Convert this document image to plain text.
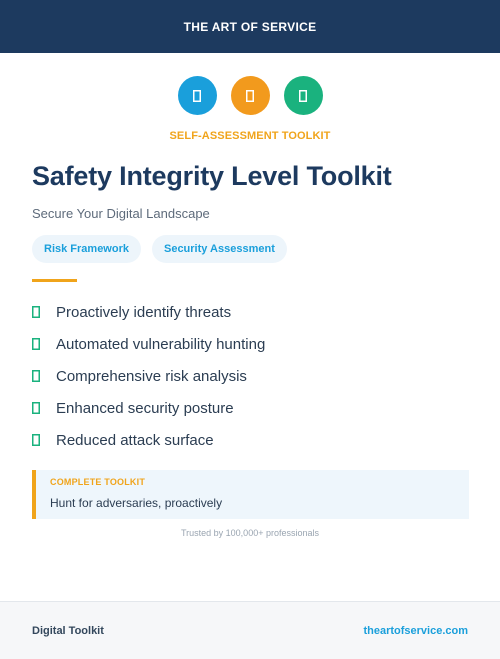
THE ART OF SERVICE
SELF-ASSESSMENT TOOLKIT
Safety Integrity Level Toolkit
Secure Your Digital Landscape
Risk Framework	Security Assessment
Proactively identify threats
Automated vulnerability hunting
Comprehensive risk analysis
Enhanced security posture
Reduced attack surface
COMPLETE TOOLKIT
Hunt for adversaries, proactively
Trusted by 100,000+ professionals
Digital Toolkit	theartofservice.com
